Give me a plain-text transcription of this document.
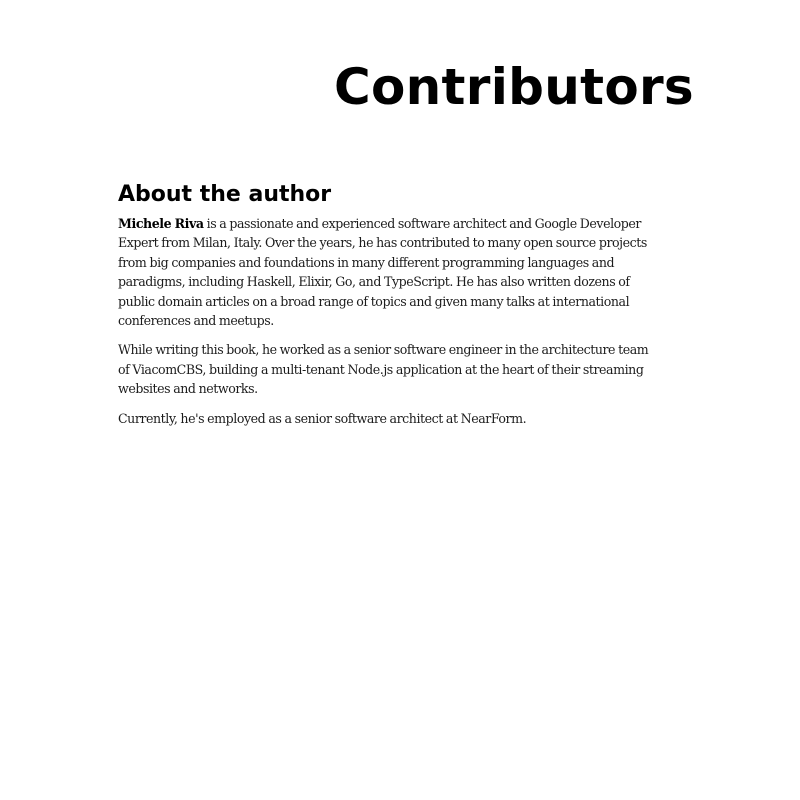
Contributors
About the author

Michele Riva is a passionate and experienced software architect and Google Developer
Expert from Milan, Italy. Over the years, he has contributed to many open source projects
from big companies and foundations in many different programming languages and
paradigms, including Haskell, Elixir, Go, and TypeScript. He has also written dozens of
public domain articles on a broad range of topics and given many talks at international
conferences and meetups.

While writing this book, he worked as a senior software engineer in the architecture team
of ViacomCBS, building a multi-tenant Node.js application at the heart of their streaming
websites and networks.

Currently, he's employed as a senior software architect at NearForm.
